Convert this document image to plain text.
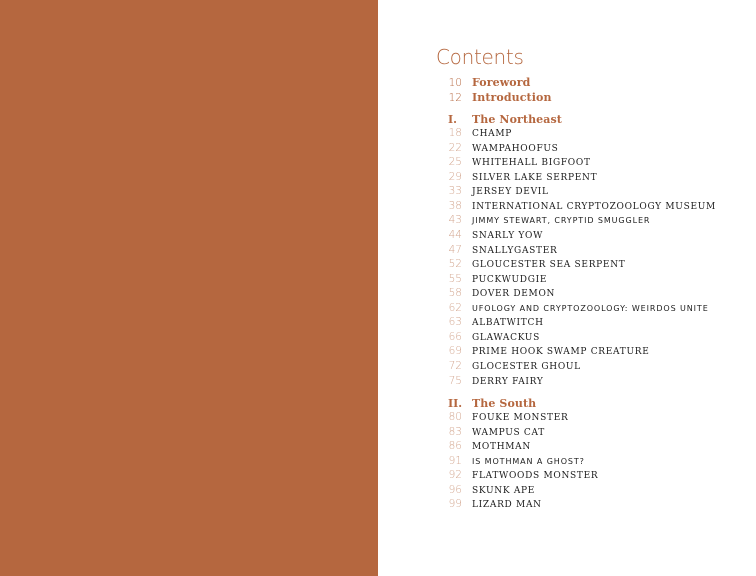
Contents
10 Foreword
12 Introduction
I.	The Northeast
18 CHAMP
22 WAMPAHOOFUS
25 WHITEHALL BIGFOOT
29 SILVER LAKE SERPENT
33 JERSEY DEVIL
38 INTERNATIONAL CRYPTOZOOLOGY MUSEUM
43 JIMMY STEWART, CRYPTID SMUGGLER
44 SNARLY YOW
47 SNALLYGASTER
52 GLOUCESTER SEA SERPENT
55 PUCKWUDGIE
58 DOVER DEMON
62 UFOLOGY AND CRYPTOZOOLOGY: WEIRDOS UNITE
63 ALBATWITCH
66 GLAWACKUS
69 PRIME HOOK SWAMP CREATURE
72 GLOCESTER GHOUL
75 DERRY FAIRY
II. The South
80 FOUKE MONSTER
83 WAMPUS CAT
86 MOTHMAN
91 IS MOTHMAN A GHOST?
92 FLATWOODS MONSTER
96 SKUNK APE
99 LIZARD MAN
